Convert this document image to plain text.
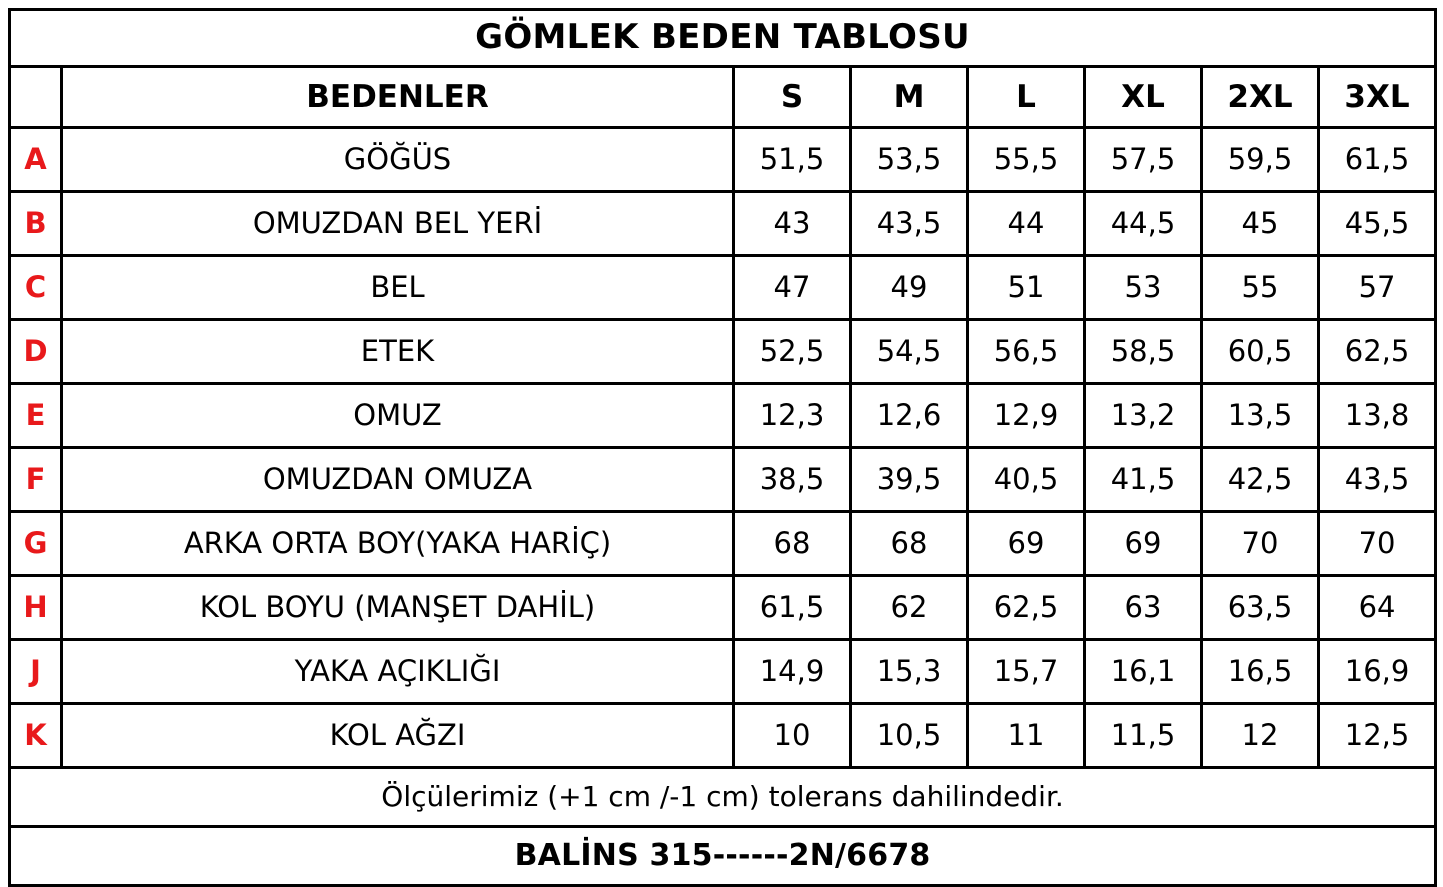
GÖMLEK BEDEN TABLOSU							
	BEDENLER	S	M	L	XL	2XL	3XL
A	GÖĞÜS	51,5	53,5	55,5	57,5	59,5	61,5
B	OMUZDAN BEL YERİ	43	43,5	44	44,5	45	45,5
C	BEL	47	49	51	53	55	57
D	ETEK	52,5	54,5	56,5	58,5	60,5	62,5
E	OMUZ	12,3	12,6	12,9	13,2	13,5	13,8
F	OMUZDAN OMUZA	38,5	39,5	40,5	41,5	42,5	43,5
G	ARKA ORTA BOY(YAKA HARİÇ)	68	68	69	69	70	70
H	KOL BOYU (MANŞET DAHİL)	61,5	62	62,5	63	63,5	64
J	YAKA AÇIKLIĞI	14,9	15,3	15,7	16,1	16,5	16,9
K	KOL AĞZI	10	10,5	11	11,5	12	12,5
Ölçülerimiz (+1 cm /-1 cm) tolerans dahilindedir.							
BALİNS 315------2N/6678							
